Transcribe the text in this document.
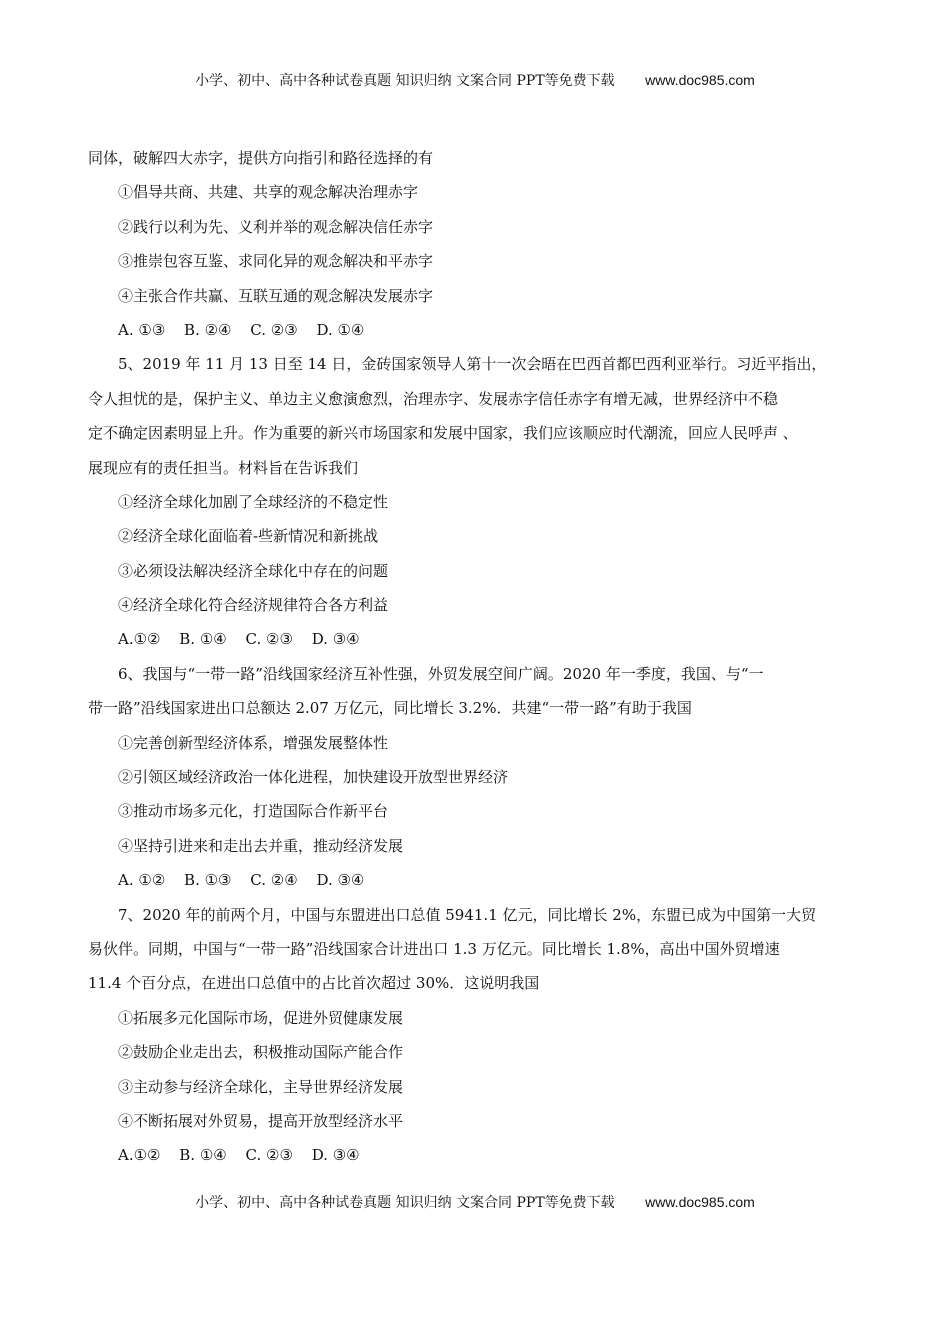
小学、初中、高中各种试卷真题 知识归纳 文案合同 PPT等免费下载 www.doc985.com
同体，破解四大赤字，提供方向指引和路径选择的有
①倡导共商、共建、共享的观念解决治理赤字
②践行以利为先、义利并举的观念解决信任赤字
③推崇包容互鉴、求同化异的观念解决和平赤字
④主张合作共赢、互联互通的观念解决发展赤字
A. ①③ B. ②④ C. ②③ D. ①④
5、2019 年 11 月 13 日至 14 日，金砖国家领导人第十一次会晤在巴西首都巴西利亚举行。习近平指出，
令人担忧的是，保护主义、单边主义愈演愈烈，治理赤字、发展赤字信任赤字有增无减，世界经济中不稳
定不确定因素明显上升。作为重要的新兴市场国家和发展中国家，我们应该顺应时代潮流，回应人民呼声 、
展现应有的责任担当。材料旨在告诉我们
①经济全球化加剧了全球经济的不稳定性
②经济全球化面临着-些新情况和新挑战
③必须设法解决经济全球化中存在的问题
④经济全球化符合经济规律符合各方利益
A.①② B. ①④ C. ②③ D. ③④
6、我国与“一带一路”沿线国家经济互补性强，外贸发展空间广阔。2020 年一季度，我国、与“一
带一路”沿线国家进出口总额达 2.07 万亿元，同比增长 3.2%．共建“一带一路”有助于我国
①完善创新型经济体系，增强发展整体性
②引领区域经济政治一体化进程，加快建设开放型世界经济
③推动市场多元化，打造国际合作新平台
④坚持引进来和走出去并重，推动经济发展
A. ①② B. ①③ C. ②④ D. ③④
7、2020 年的前两个月，中国与东盟进出口总值 5941.1 亿元，同比增长 2%，东盟已成为中国第一大贸
易伙伴。同期，中国与“一带一路”沿线国家合计进出口 1.3 万亿元。同比增长 1.8%，高出中国外贸增速
11.4 个百分点，在进出口总值中的占比首次超过 30%．这说明我国
①拓展多元化国际市场，促进外贸健康发展
②鼓励企业走出去，积极推动国际产能合作
③主动参与经济全球化，主导世界经济发展
④不断拓展对外贸易，提高开放型经济水平
A.①② B. ①④ C. ②③ D. ③④
小学、初中、高中各种试卷真题 知识归纳 文案合同 PPT等免费下载 www.doc985.com
